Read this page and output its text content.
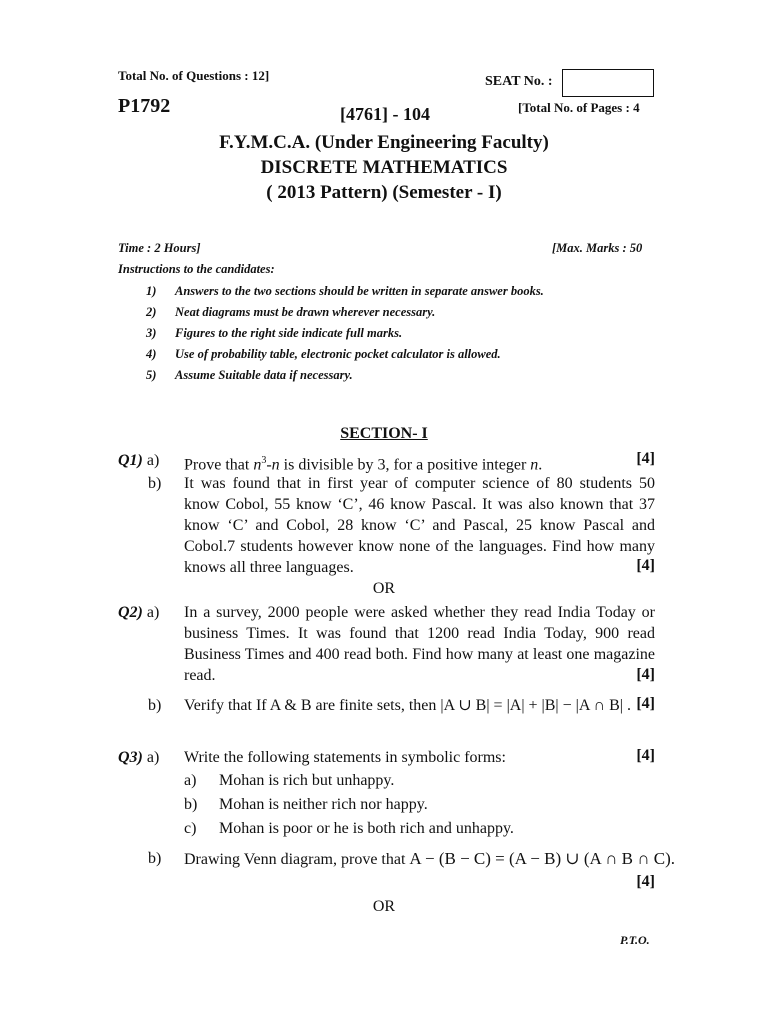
Total No. of Questions : 12]	SEAT No. :
P1792	[4761] - 104	[Total No. of Pages : 4
F.Y.M.C.A. (Under Engineering Faculty)
DISCRETE MATHEMATICS
( 2013 Pattern) (Semester - I)
Time : 2 Hours]	[Max. Marks : 50
Instructions to the candidates:
1) Answers to the two sections should be written in separate answer books.
2) Neat diagrams must be drawn wherever necessary.
3) Figures to the right side indicate full marks.
4) Use of probability table, electronic pocket calculator is allowed.
5) Assume Suitable data if necessary.
SECTION- I
Q1) a) Prove that $n^3-n$ is divisible by 3, for a positive integer n.	[4]
b) It was found that in first year of computer science of 80 students 50 know Cobol, 55 know ‘C’, 46 know Pascal. It was also known that 37 know ‘C’ and Cobol, 28 know ‘C’ and Pascal, 25 know Pascal and Cobol.7 students however know none of the languages. Find how many knows all three languages.	[4]
OR
Q2) a) In a survey, 2000 people were asked whether they read India Today or business Times. It was found that 1200 read India Today, 900 read Business Times and 400 read both. Find how many at least one magazine read.	[4]
b) Verify that If A & B are finite sets, then |A ∪ B| = |A| + |B| − |A ∩ B| . [4]
Q3) a) Write the following statements in symbolic forms:	[4]
a) Mohan is rich but unhappy.
b) Mohan is neither rich nor happy.
c) Mohan is poor or he is both rich and unhappy.
b) Drawing Venn diagram, prove that A − (B − C) = (A − B) ∪ (A ∩ B ∩ C).
[4]
OR
P.T.O.
